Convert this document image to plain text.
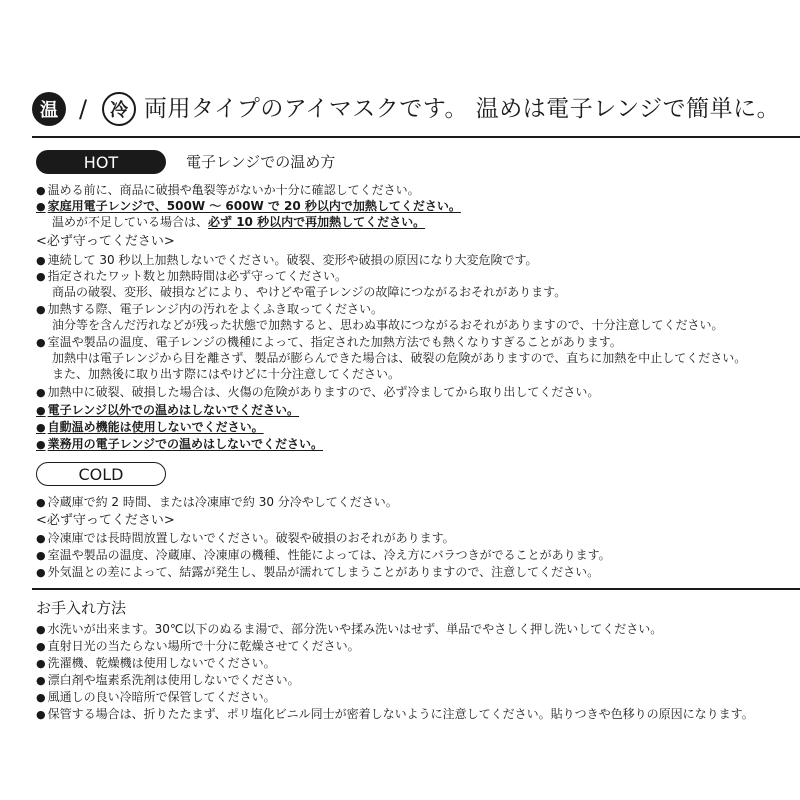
温 /	冷 両用タイプのアイマスクです。 温めは電子レンジで簡単に。
HOT	電子レンジでの温め方
● 温める前に、商品に破損や亀裂等がないか十分に確認してください。
● 家庭用電子レンジで、500W ～ 600W で 20 秒以内で加熱してください。
温めが不足している場合は、必ず 10 秒以内で再加熱してください。
<必ず守ってください>
● 連続して 30 秒以上加熱しないでください。破裂、変形や破損の原因になり大変危険です。
● 指定されたワット数と加熱時間は必ず守ってください。
商品の破裂、変形、破損などにより、やけどや電子レンジの故障につながるおそれがあります。
● 加熱する際、電子レンジ内の汚れをよくふき取ってください。
油分等を含んだ汚れなどが残った状態で加熱すると、思わぬ事故につながるおそれがありますので、十分注意してください。
● 室温や製品の温度、電子レンジの機種によって、指定された加熱方法でも熱くなりすぎることがあります。
加熱中は電子レンジから目を離さず、製品が膨らんできた場合は、破裂の危険がありますので、直ちに加熱を中止してください。
また、加熱後に取り出す際にはやけどに十分注意してください。
● 加熱中に破裂、破損した場合は、火傷の危険がありますので、必ず冷ましてから取り出してください。
● 電子レンジ以外での温めはしないでください。
● 自動温め機能は使用しないでください。
● 業務用の電子レンジでの温めはしないでください。
COLD
● 冷蔵庫で約 2 時間、または冷凍庫で約 30 分冷やしてください。
<必ず守ってください>
● 冷凍庫では長時間放置しないでください。破裂や破損のおそれがあります。
● 室温や製品の温度、冷蔵庫、冷凍庫の機種、性能によっては、冷え方にバラつきがでることがあります。
● 外気温との差によって、結露が発生し、製品が濡れてしまうことがありますので、注意してください。
お手入れ方法
● 水洗いが出来ます。30℃以下のぬるま湯で、部分洗いや揉み洗いはせず、単品でやさしく押し洗いしてください。
● 直射日光の当たらない場所で十分に乾燥させてください。
● 洗濯機、乾燥機は使用しないでください。
● 漂白剤や塩素系洗剤は使用しないでください。
● 風通しの良い冷暗所で保管してください。
● 保管する場合は、折りたたまず、ポリ塩化ビニル同士が密着しないように注意してください。貼りつきや色移りの原因になります。
